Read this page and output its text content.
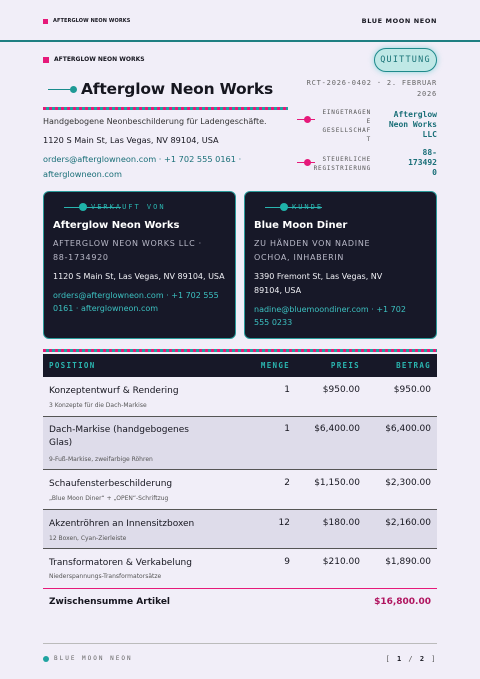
AFTERGLOW NEON WORKS	BLUE MOON NEON
AFTERGLOW NEON WORKS	QUITTUNG
Afterglow Neon Works
Handgebogene Neonbeschilderung für Ladengeschäfte.
1120 S Main St, Las Vegas, NV 89104, USA
orders@afterglowneon.com · +1 702 555 0161 ·
afterglowneon.com
RCT-2026-0402 · 2. FEBRUAR
2026
EINGETRAGEN
E
GESELLSCHAF
T
Afterglow
Neon Works
LLC
STEUERLICHE
REGISTRIERUNG
88-
173492
0
VERKAUFT VON
Afterglow Neon Works
AFTERGLOW NEON WORKS LLC ·
88-1734920
1120 S Main St, Las Vegas, NV 89104, USA
orders@afterglowneon.com · +1 702 555
0161 · afterglowneon.com
KUNDE
Blue Moon Diner
ZU HÄNDEN VON NADINE
OCHOA, INHABERIN
3390 Fremont St, Las Vegas, NV
89104, USA
nadine@bluemoondiner.com · +1 702
555 0233
POSITION	MENGE	PREIS	BETRAG
Konzeptentwurf & Rendering
3 Konzepte für die Dach-Markise
1	$950.00	$950.00
Dach-Markise (handgebogenes
Glas)
9-Fuß-Markise, zweifarbige Röhren
1	$6,400.00	$6,400.00
Schaufensterbeschilderung
„Blue Moon Diner“ + „OPEN“-Schriftzug
2	$1,150.00	$2,300.00
Akzentröhren an Innensitzboxen
12 Boxen, Cyan-Zierleiste
12	$180.00	$2,160.00
Transformatoren & Verkabelung
Niederspannungs-Transformatorsätze
9	$210.00	$1,890.00
Zwischensumme Artikel	$16,800.00
BLUE MOON NEON	[ 1 / 2 ]
